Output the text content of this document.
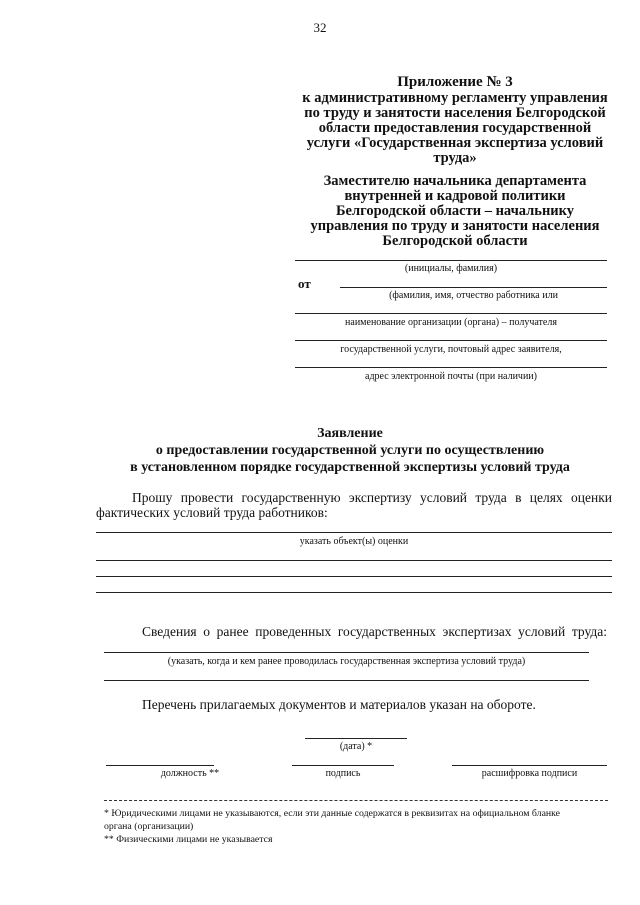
32
Приложение № 3
к административному регламенту управления
по труду и занятости населения Белгородской
области предоставления государственной
услуги «Государственная экспертиза условий
труда»
Заместителю начальника департамента
внутренней и кадровой политики
Белгородской области – начальнику
управления по труду и занятости населения
Белгородской области
(инициалы, фамилия)
от
(фамилия, имя, отчество работника или
наименование организации (органа) – получателя
государственной услуги, почтовый адрес заявителя,
адрес электронной почты (при наличии)
Заявление
о предоставлении государственной услуги по осуществлению
в установленном порядке государственной экспертизы условий труда
Прошу провести государственную экспертизу условий труда в целях оценки
фактических условий труда работников:
указать объект(ы) оценки
Сведения о ранее проведенных государственных экспертизах условий труда:
(указать, когда и кем ранее проводилась государственная экспертиза условий труда)
Перечень прилагаемых документов и материалов указан на обороте.
(дата) *
должность **	подпись	расшифровка подписи
* Юридическими лицами не указываются, если эти данные содержатся в реквизитах на официальном бланке
органа (организации)
** Физическими лицами не указывается
